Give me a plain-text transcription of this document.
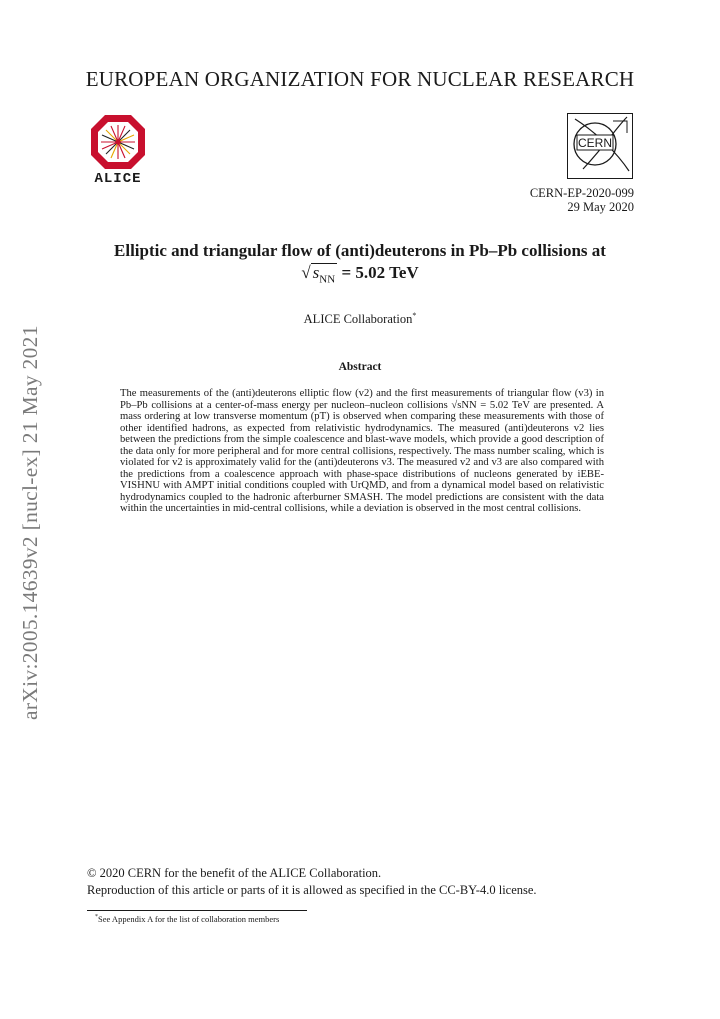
EUROPEAN ORGANIZATION FOR NUCLEAR RESEARCH
ALICE
CERN
CERN-EP-2020-099
29 May 2020
Elliptic and triangular flow of (anti)deuterons in Pb–Pb collisions at
√ $s_{NN} = 5.02$ TeV
ALICE Collaboration*
Abstract
The measurements of the (anti)deuterons elliptic flow (v2) and the first measurements of triangular flow (v3) in Pb–Pb collisions at a center-of-mass energy per nucleon–nucleon collisions √sNN = 5.02 TeV are presented. A mass ordering at low transverse momentum (pT) is observed when comparing these measurements with those of other identified hadrons, as expected from relativistic hydrodynamics. The measured (anti)deuterons v2 lies between the predictions from the simple coalescence and blast-wave models, which provide a good description of the data only for more peripheral and for more central collisions, respectively. The mass number scaling, which is violated for v2 is approximately valid for the (anti)deuterons v3. The measured v2 and v3 are also compared with the predictions from a coalescence approach with phase-space distributions of nucleons generated by iEBE-VISHNU with AMPT initial conditions coupled with UrQMD, and from a dynamical model based on relativistic hydrodynamics coupled to the hadronic afterburner SMASH. The model predictions are consistent with the data within the uncertainties in mid-central collisions, while a deviation is observed in the most central collisions.
arXiv:2005.14639v2 [nucl-ex] 21 May 2021
© 2020 CERN for the benefit of the ALICE Collaboration.
Reproduction of this article or parts of it is allowed as specified in the CC-BY-4.0 license.
*See Appendix A for the list of collaboration members
